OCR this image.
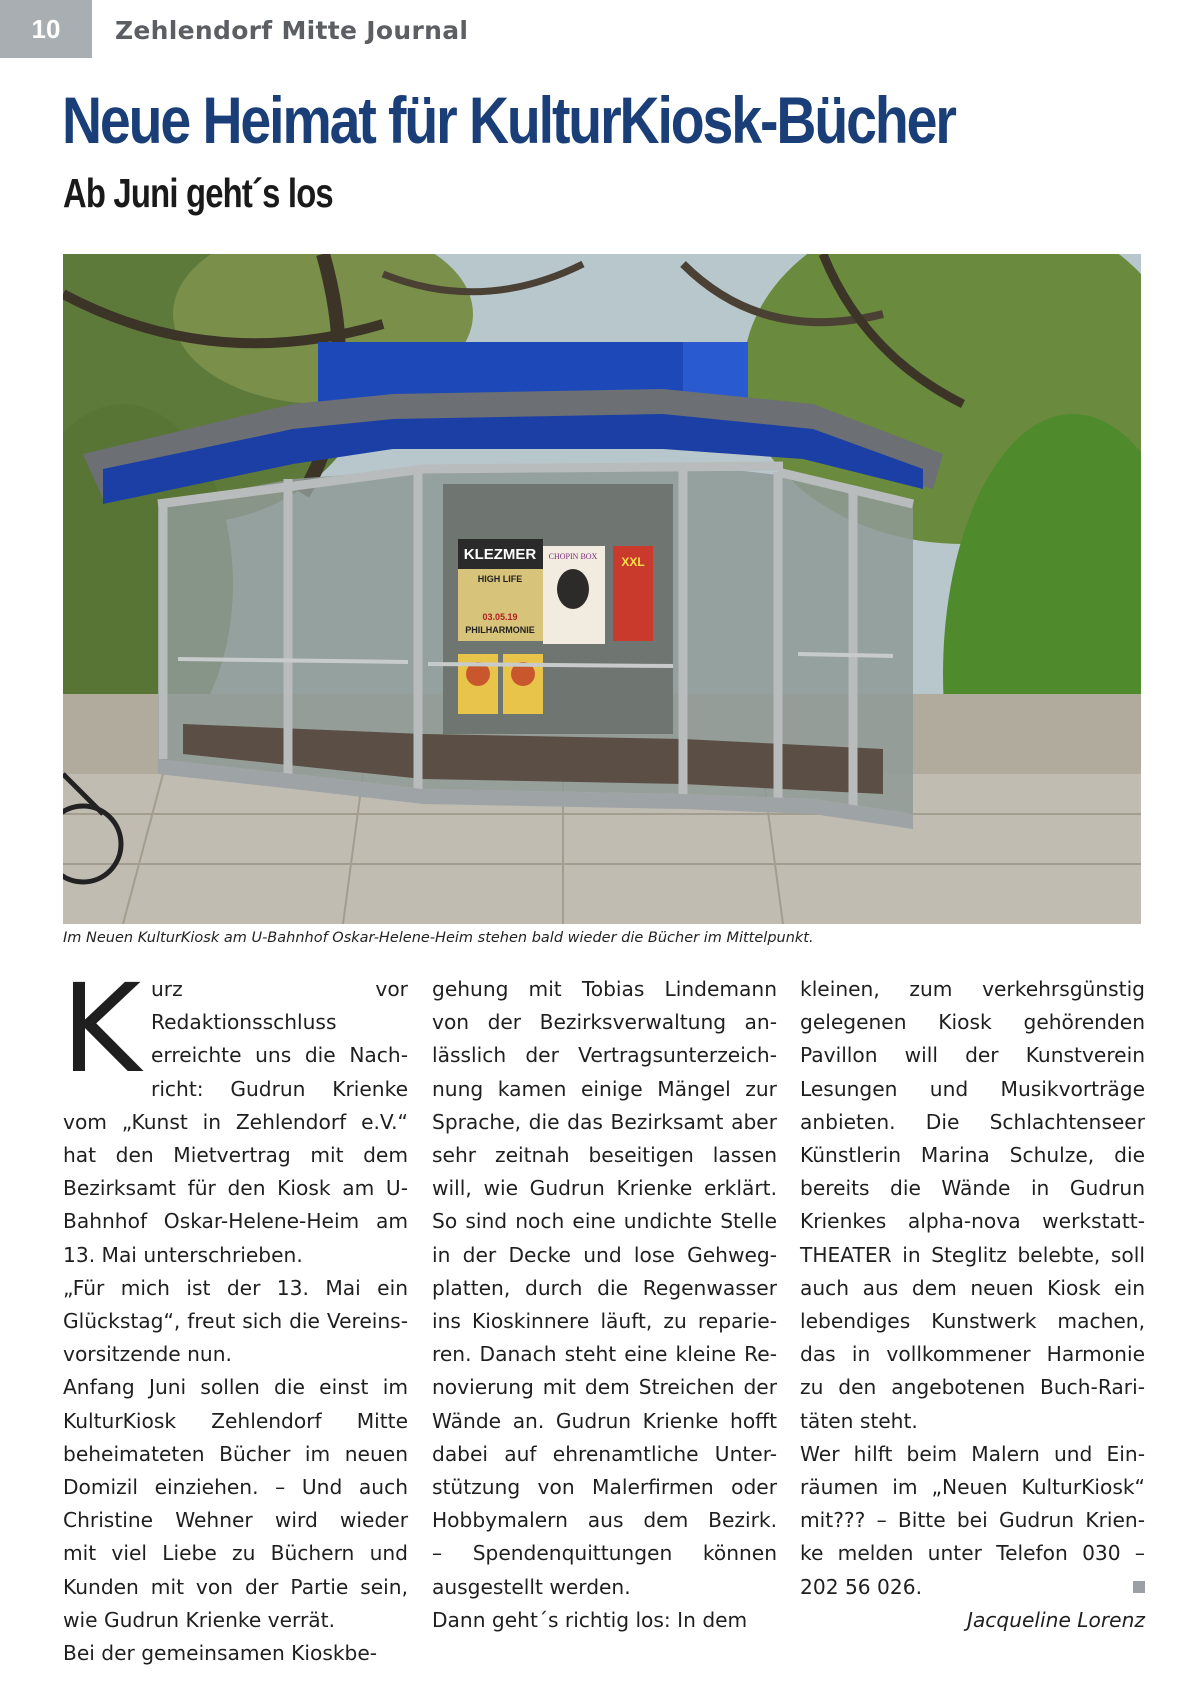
10	Zehlendorf Mitte Journal
Neue Heimat für KulturKiosk-Bücher
Ab Juni geht´s los
KLEZMER
HIGH LIFE
03.05.19
PHILHARMONIE
CHOPIN BOX XXL
Im Neuen KulturKiosk am U-Bahnhof Oskar-Helene-Heim stehen bald wieder die Bücher im Mittelpunkt.
K urz vor Redaktionsschluss

erreichte uns die Nach-

richt: Gudrun Krienke

vom „Kunst in Zehlendorf e.V.“

hat den Mietvertrag mit dem

Bezirksamt für den Kiosk am U-

Bahnhof Oskar-Helene-Heim am

13. Mai unterschrieben.

„Für mich ist der 13. Mai ein

Glückstag“, freut sich die Vereins-

vorsitzende nun.

Anfang Juni sollen die einst im

KulturKiosk Zehlendorf Mitte

beheimateten Bücher im neuen

Domizil einziehen. – Und auch

Christine Wehner wird wieder

mit viel Liebe zu Büchern und

Kunden mit von der Partie sein,

wie Gudrun Krienke verrät.

Bei der gemeinsamen Kioskbe-

gehung mit Tobias Lindemann

von der Bezirksverwaltung an-

lässlich der Vertragsunterzeich-

nung kamen einige Mängel zur

Sprache, die das Bezirksamt aber

sehr zeitnah beseitigen lassen

will, wie Gudrun Krienke erklärt.

So sind noch eine undichte Stelle

in der Decke und lose Gehweg-

platten, durch die Regenwasser

ins Kioskinnere läuft, zu reparie-

ren. Danach steht eine kleine Re-

novierung mit dem Streichen der

Wände an. Gudrun Krienke hofft

dabei auf ehrenamtliche Unter-

stützung von Malerfirmen oder

Hobbymalern aus dem Bezirk.

– Spendenquittungen können

ausgestellt werden.

Dann geht´s richtig los: In dem

kleinen, zum verkehrsgünstig

gelegenen Kiosk gehörenden

Pavillon will der Kunstverein

Lesungen und Musikvorträge

anbieten. Die Schlachtenseer

Künstlerin Marina Schulze, die

bereits die Wände in Gudrun

Krienkes alpha-nova werkstatt-

THEATER in Steglitz belebte, soll

auch aus dem neuen Kiosk ein

lebendiges Kunstwerk machen,

das in vollkommener Harmonie

zu den angebotenen Buch-Rari-

täten steht.

Wer hilft beim Malern und Ein-

räumen im „Neuen KulturKiosk“

mit??? – Bitte bei Gudrun Krien-

ke melden unter Telefon 030 –

202 56 026.

Jacqueline Lorenz
